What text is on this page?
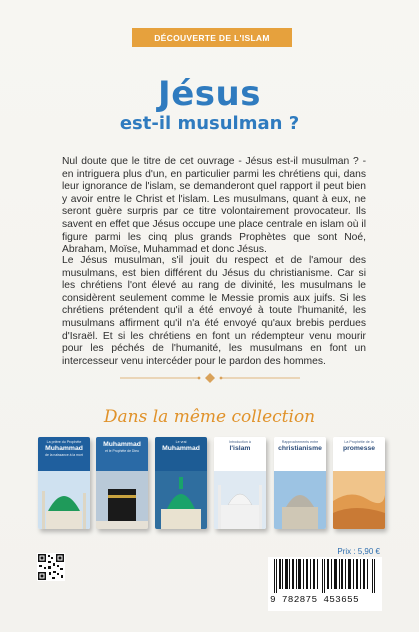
DÉCOUVERTE DE L'ISLAM
Jésus
est-il musulman ?

Nul doute que le titre de cet ouvrage - Jésus est-il musulman ? - en intriguera plus d'un, en particulier parmi les chrétiens qui, dans leur ignorance de l'islam, se demanderont quel rapport il peut bien y avoir entre le Christ et l'islam. Les musulmans, quant à eux, ne seront guère surpris par ce titre volontairement provocateur. Ils savent en effet que Jésus occupe une place centrale en islam où il figure parmi les cinq plus grands Prophètes que sont Noé, Abraham, Moïse, Muhammad et donc Jésus.

Le Jésus musulman, s'il jouit du respect et de l'amour des musulmans, est bien différent du Jésus du christianisme. Car si les chrétiens l'ont élevé au rang de divinité, les musulmans le considèrent seulement comme le Messie promis aux juifs. Si les chrétiens prétendent qu'il a été envoyé à toute l'humanité, les musulmans affirment qu'il n'a été envoyé qu'aux brebis perdues d'Israël. Et si les chrétiens en font un rédempteur venu mourir pour les péchés de l'humanité, les musulmans en font un intercesseur venu intercéder pour le pardon des hommes.

Dans la même collection
La prière du Prophète
Muhammad
de la naissance à la mort
Muhammad
et le Prophète de Dieu
Le vrai
Muhammad
Introduction à
l'islam
Rapprochements entre
christianisme
La Prophétie de la
promesse
Prix : 5,90 €
9 782875 453655
